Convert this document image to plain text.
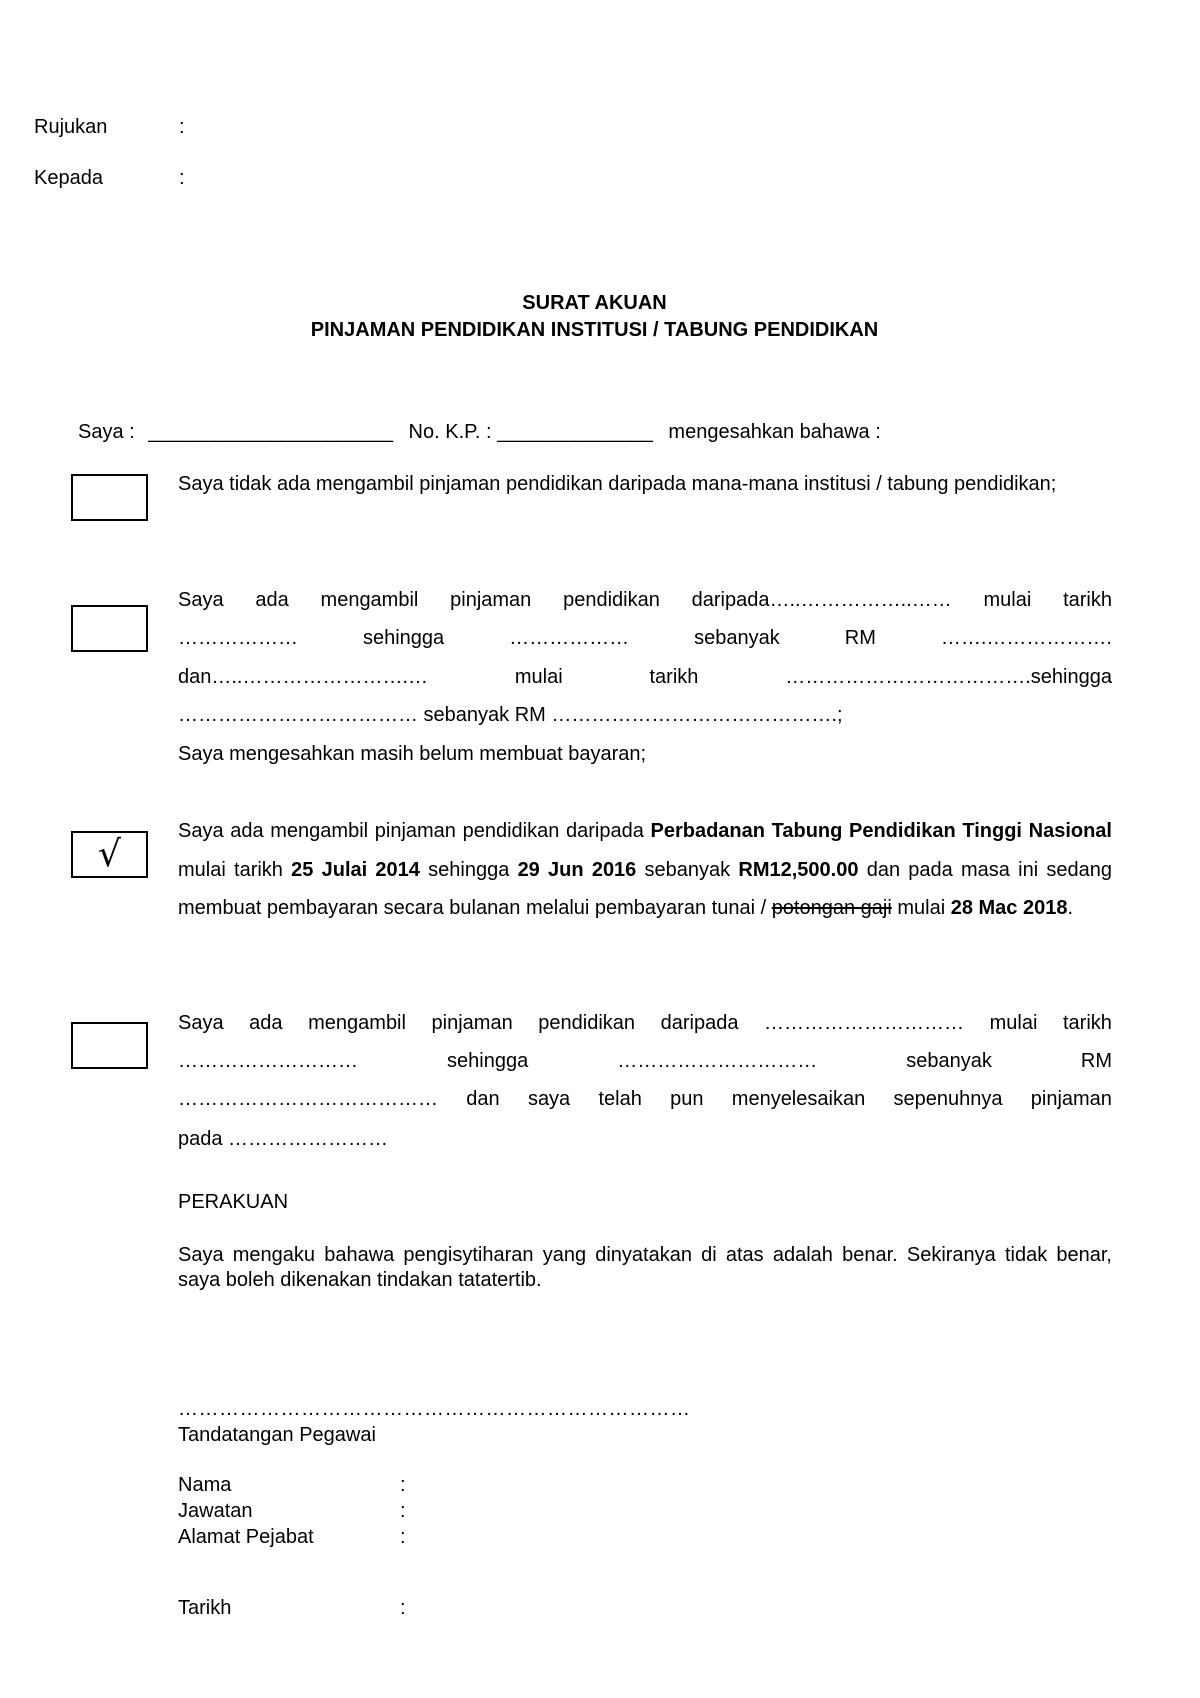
Rujukan	:
Kepada	:
SURAT AKUAN
PINJAMAN PENDIDIKAN INSTITUSI / TABUNG PENDIDIKAN
Saya : ______________________ No. K.P. : ______________ mengesahkan bahawa :
Saya tidak ada mengambil pinjaman pendidikan daripada mana-mana institusi / tabung pendidikan;
Saya ada mengambil pinjaman pendidikan daripada…..……………..…… mulai tarikh
………………	sehingga	………………	sebanyak	RM	…….……………….
dan…..…………………….…	mulai	tarikh	……………………………….sehingga
……………………………… sebanyak RM …………………………………….;
Saya mengesahkan masih belum membuat bayaran;
√
Saya ada mengambil pinjaman pendidikan daripada Perbadanan Tabung Pendidikan Tinggi Nasional mulai tarikh 25 Julai 2014 sehingga 29 Jun 2016 sebanyak RM12,500.00 dan pada masa ini sedang membuat pembayaran secara bulanan melalui pembayaran tunai / potongan gaji mulai 28 Mac 2018.
Saya ada mengambil pinjaman pendidikan daripada ………………………… mulai tarikh
………………………	sehingga	…………………………	sebanyak	RM
………………………………… dan saya telah pun menyelesaikan sepenuhnya pinjaman
pada ……………………
PERAKUAN
Saya mengaku bahawa pengisytiharan yang dinyatakan di atas adalah benar. Sekiranya tidak benar, saya boleh dikenakan tindakan tatatertib.
…………………………………………………………………
Tandatangan Pegawai
Nama	:
Jawatan	:
Alamat Pejabat	:
Tarikh	:
